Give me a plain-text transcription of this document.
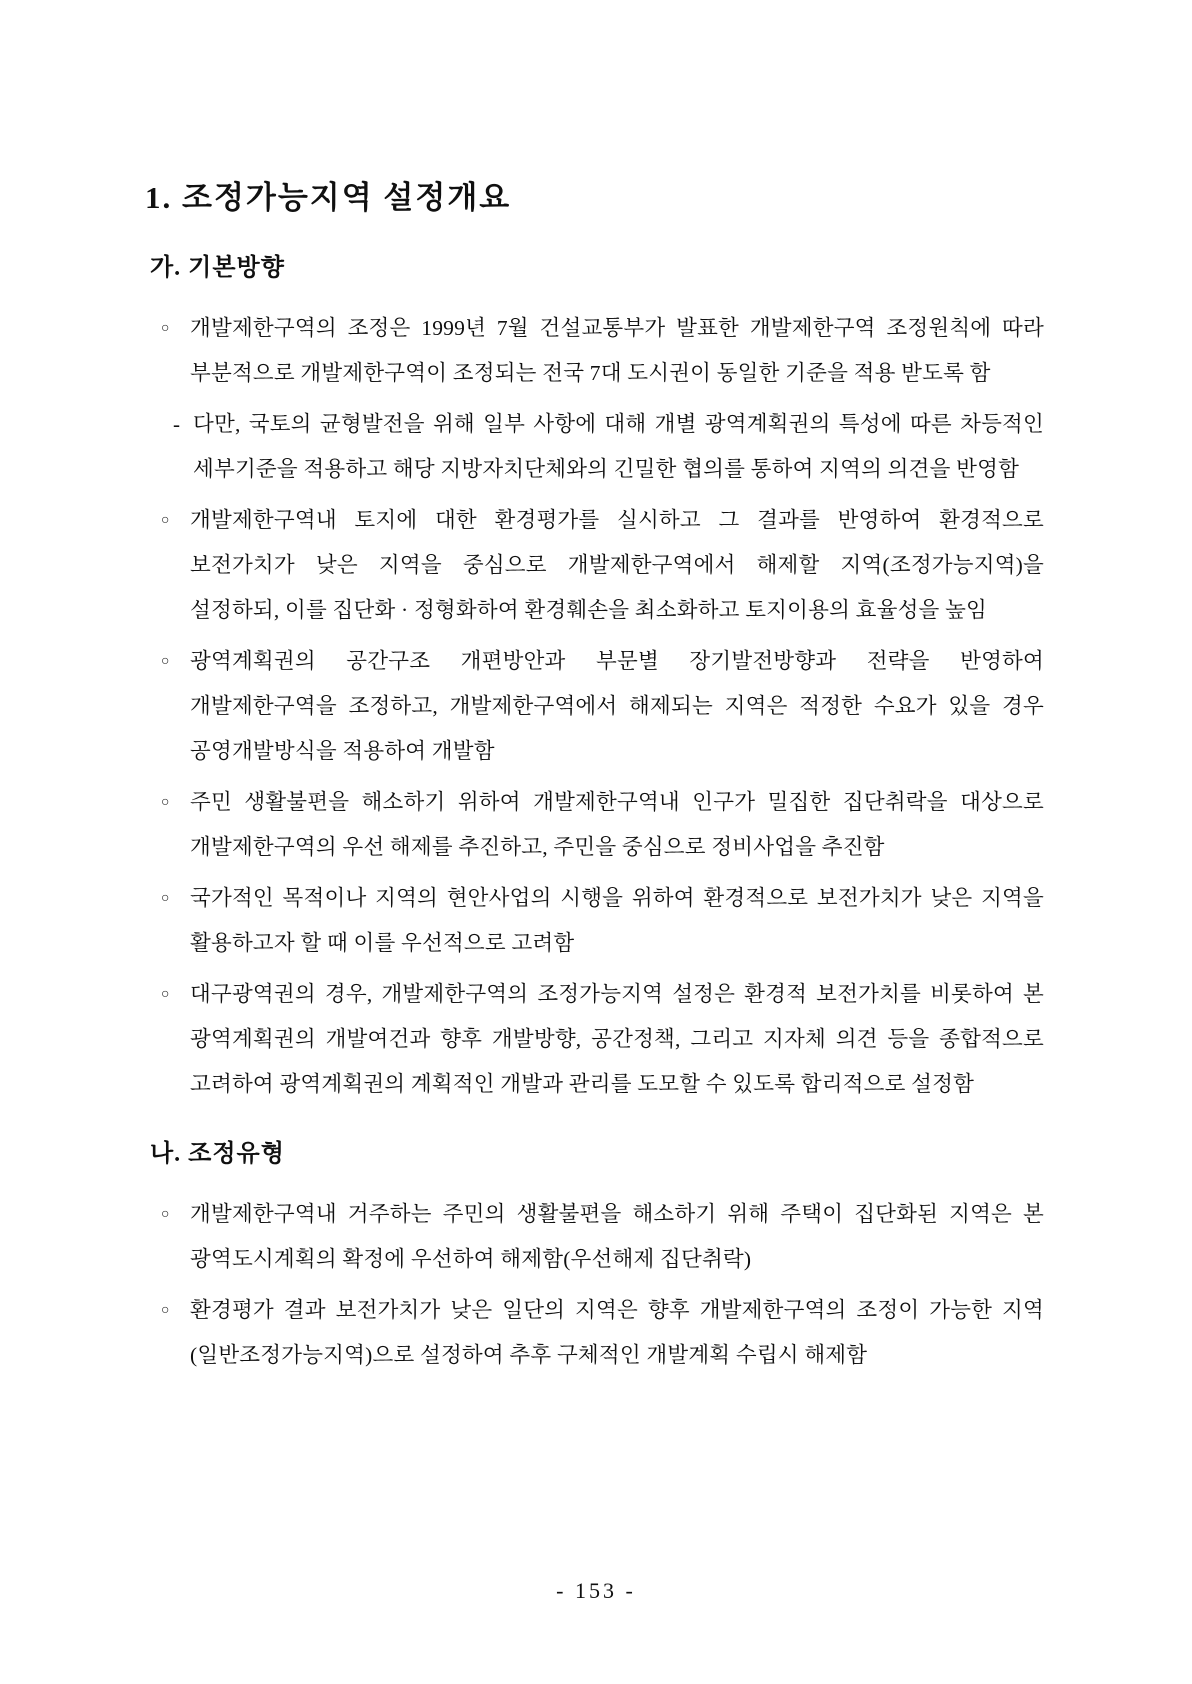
1. 조정가능지역 설정개요
가. 기본방향
○ 개발제한구역의 조정은 1999년 7월 건설교통부가 발표한 개발제한구역 조정원칙에 따라 부분적으로 개발제한구역이 조정되는 전국 7대 도시권이 동일한 기준을 적용 받도록 함

- 다만, 국토의 균형발전을 위해 일부 사항에 대해 개별 광역계획권의 특성에 따른 차등적인 세부기준을 적용하고 해당 지방자치단체와의 긴밀한 협의를 통하여 지역의 의견을 반영함

○ 개발제한구역내 토지에 대한 환경평가를 실시하고 그 결과를 반영하여 환경적으로 보전가치가 낮은 지역을 중심으로 개발제한구역에서 해제할 지역(조정가능지역)을 설정하되, 이를 집단화 · 정형화하여 환경훼손을 최소화하고 토지이용의 효율성을 높임

○ 광역계획권의 공간구조 개편방안과 부문별 장기발전방향과 전략을 반영하여 개발제한구역을 조정하고, 개발제한구역에서 해제되는 지역은 적정한 수요가 있을 경우 공영개발방식을 적용하여 개발함

○ 주민 생활불편을 해소하기 위하여 개발제한구역내 인구가 밀집한 집단취락을 대상으로 개발제한구역의 우선 해제를 추진하고, 주민을 중심으로 정비사업을 추진함

○ 국가적인 목적이나 지역의 현안사업의 시행을 위하여 환경적으로 보전가치가 낮은 지역을 활용하고자 할 때 이를 우선적으로 고려함

○ 대구광역권의 경우, 개발제한구역의 조정가능지역 설정은 환경적 보전가치를 비롯하여 본 광역계획권의 개발여건과 향후 개발방향, 공간정책, 그리고 지자체 의견 등을 종합적으로 고려하여 광역계획권의 계획적인 개발과 관리를 도모할 수 있도록 합리적으로 설정함

나. 조정유형
○ 개발제한구역내 거주하는 주민의 생활불편을 해소하기 위해 주택이 집단화된 지역은 본 광역도시계획의 확정에 우선하여 해제함(우선해제 집단취락)

○ 환경평가 결과 보전가치가 낮은 일단의 지역은 향후 개발제한구역의 조정이 가능한 지역(일반조정가능지역)으로 설정하여 추후 구체적인 개발계획 수립시 해제함

- 153 -
